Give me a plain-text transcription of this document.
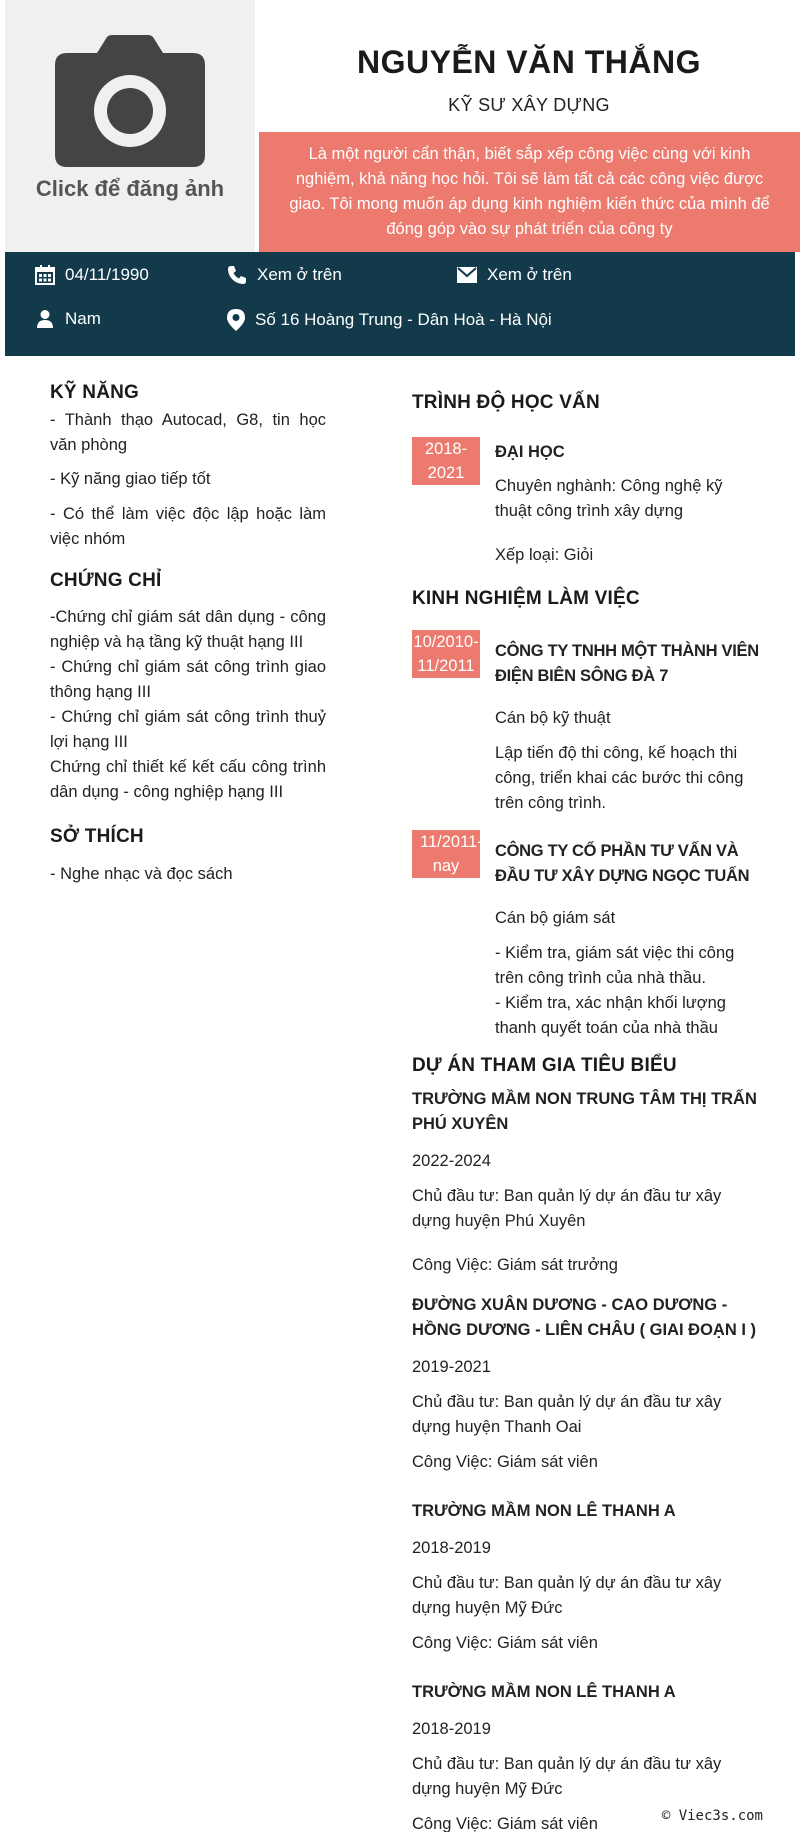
Click để đăng ảnh
NGUYỄN VĂN THẮNG
KỸ SƯ XÂY DỰNG
Là một người cẩn thận, biết sắp xếp công việc cùng với kinh nghiệm, khả năng học hỏi. Tôi sẽ làm tất cả các công việc được giao. Tôi mong muốn áp dụng kinh nghiệm kiến thức của mình để đóng góp vào sự phát triển của công ty
04/11/1990	Xem ở trên	Xem ở trên
Nam	Số 16 Hoàng Trung - Dân Hoà - Hà Nội
KỸ NĂNG

- Thành thạo Autocad, G8, tin học văn phòng

- Kỹ năng giao tiếp tốt

- Có thể làm việc độc lập hoặc làm việc nhóm

CHỨNG CHỈ

-Chứng chỉ giám sát dân dụng - công nghiệp và hạ tầng kỹ thuật hạng III

- Chứng chỉ giám sát công trình giao thông hạng III

- Chứng chỉ giám sát công trình thuỷ lợi hạng III

Chứng chỉ thiết kế kết cấu công trình dân dụng - công nghiệp hạng III

SỞ THÍCH

- Nghe nhạc và đọc sách

TRÌNH ĐỘ HỌC VẤN
2018-2021

ĐẠI HỌC

Chuyên nghành: Công nghệ kỹ thuật công trình xây dựng

Xếp loại: Giỏi

KINH NGHIỆM LÀM VIỆC
10/2010-11/2011

CÔNG TY TNHH MỘT THÀNH VIÊN ĐIỆN BIÊN SÔNG ĐÀ 7

Cán bộ kỹ thuật

Lập tiến độ thi công, kế hoạch thi công, triển khai các bước thi công trên công trình.

11/2011-nay

CÔNG TY CỔ PHẦN TƯ VẤN VÀ ĐẦU TƯ XÂY DỰNG NGỌC TUẤN

Cán bộ giám sát

- Kiểm tra, giám sát việc thi công trên công trình của nhà thầu.

- Kiểm tra, xác nhận khối lượng thanh quyết toán của nhà thầu

DỰ ÁN THAM GIA TIÊU BIỂU

TRƯỜNG MẦM NON TRUNG TÂM THỊ TRẤN PHÚ XUYÊN

2022-2024

Chủ đầu tư: Ban quản lý dự án đầu tư xây dựng huyện Phú Xuyên

Công Việc: Giám sát trưởng

ĐƯỜNG XUÂN DƯƠNG - CAO DƯƠNG - HỒNG DƯƠNG - LIÊN CHÂU ( GIAI ĐOẠN I )

2019-2021

Chủ đầu tư: Ban quản lý dự án đầu tư xây dựng huyện Thanh Oai

Công Việc: Giám sát viên

TRƯỜNG MẦM NON LÊ THANH A

2018-2019

Chủ đầu tư: Ban quản lý dự án đầu tư xây dựng huyện Mỹ Đức

Công Việc: Giám sát viên

TRƯỜNG MẦM NON LÊ THANH A

2018-2019

Chủ đầu tư: Ban quản lý dự án đầu tư xây dựng huyện Mỹ Đức

Công Việc: Giám sát viên	© Viec3s.com
